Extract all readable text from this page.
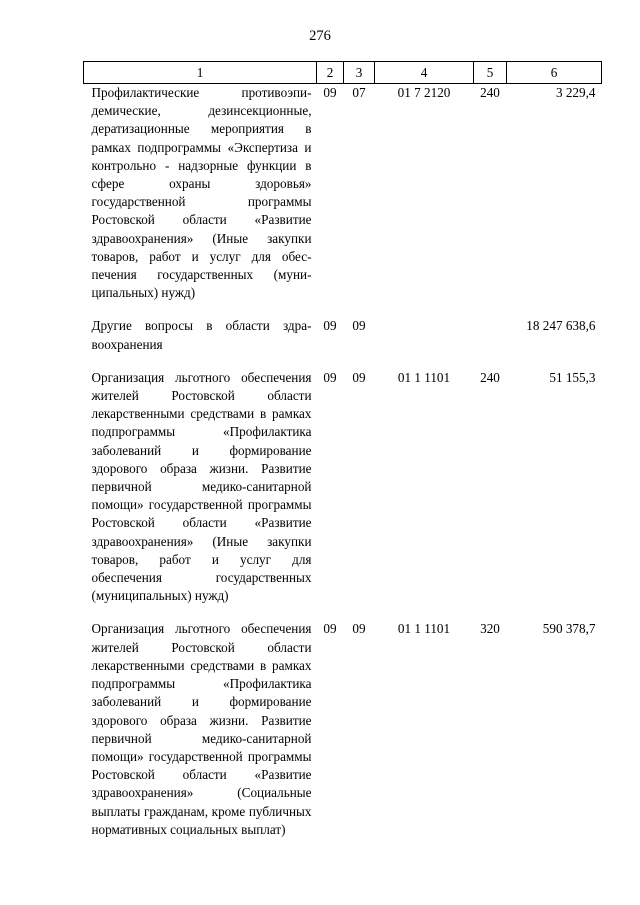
276
1	2	3	4	5	6
Профилактические противоэпидемические, дезинсекционные, дератизационные мероприятия в рамках подпрограммы «Экспертиза и контрольно - надзорные функции в сфере охраны здоровья» государственной программы Ростовской области «Развитие здравоохранения» (Иные закупки товаров, работ и услуг для обеспечения государственных (муниципальных) нужд)	09	07	01 7 2120	240	3 229,4
Другие вопросы в области здравоохранения	09	09			18 247 638,6
Организация льготного обеспечения жителей Ростовской области лекарственными средствами в рамках подпрограммы «Профилактика заболеваний и формирование здорового образа жизни. Развитие первичной медико-санитарной помощи» государственной программы Ростовской области «Развитие здравоохранения» (Иные закупки товаров, работ и услуг для обеспечения государственных (муниципальных) нужд)	09	09	01 1 1101	240	51 155,3
Организация льготного обеспечения жителей Ростовской области лекарственными средствами в рамках подпрограммы «Профилактика заболеваний и формирование здорового образа жизни. Развитие первичной медико-санитарной помощи» государственной программы Ростовской области «Развитие здравоохранения» (Социальные выплаты гражданам, кроме публичных нормативных социальных выплат)	09	09	01 1 1101	320	590 378,7
